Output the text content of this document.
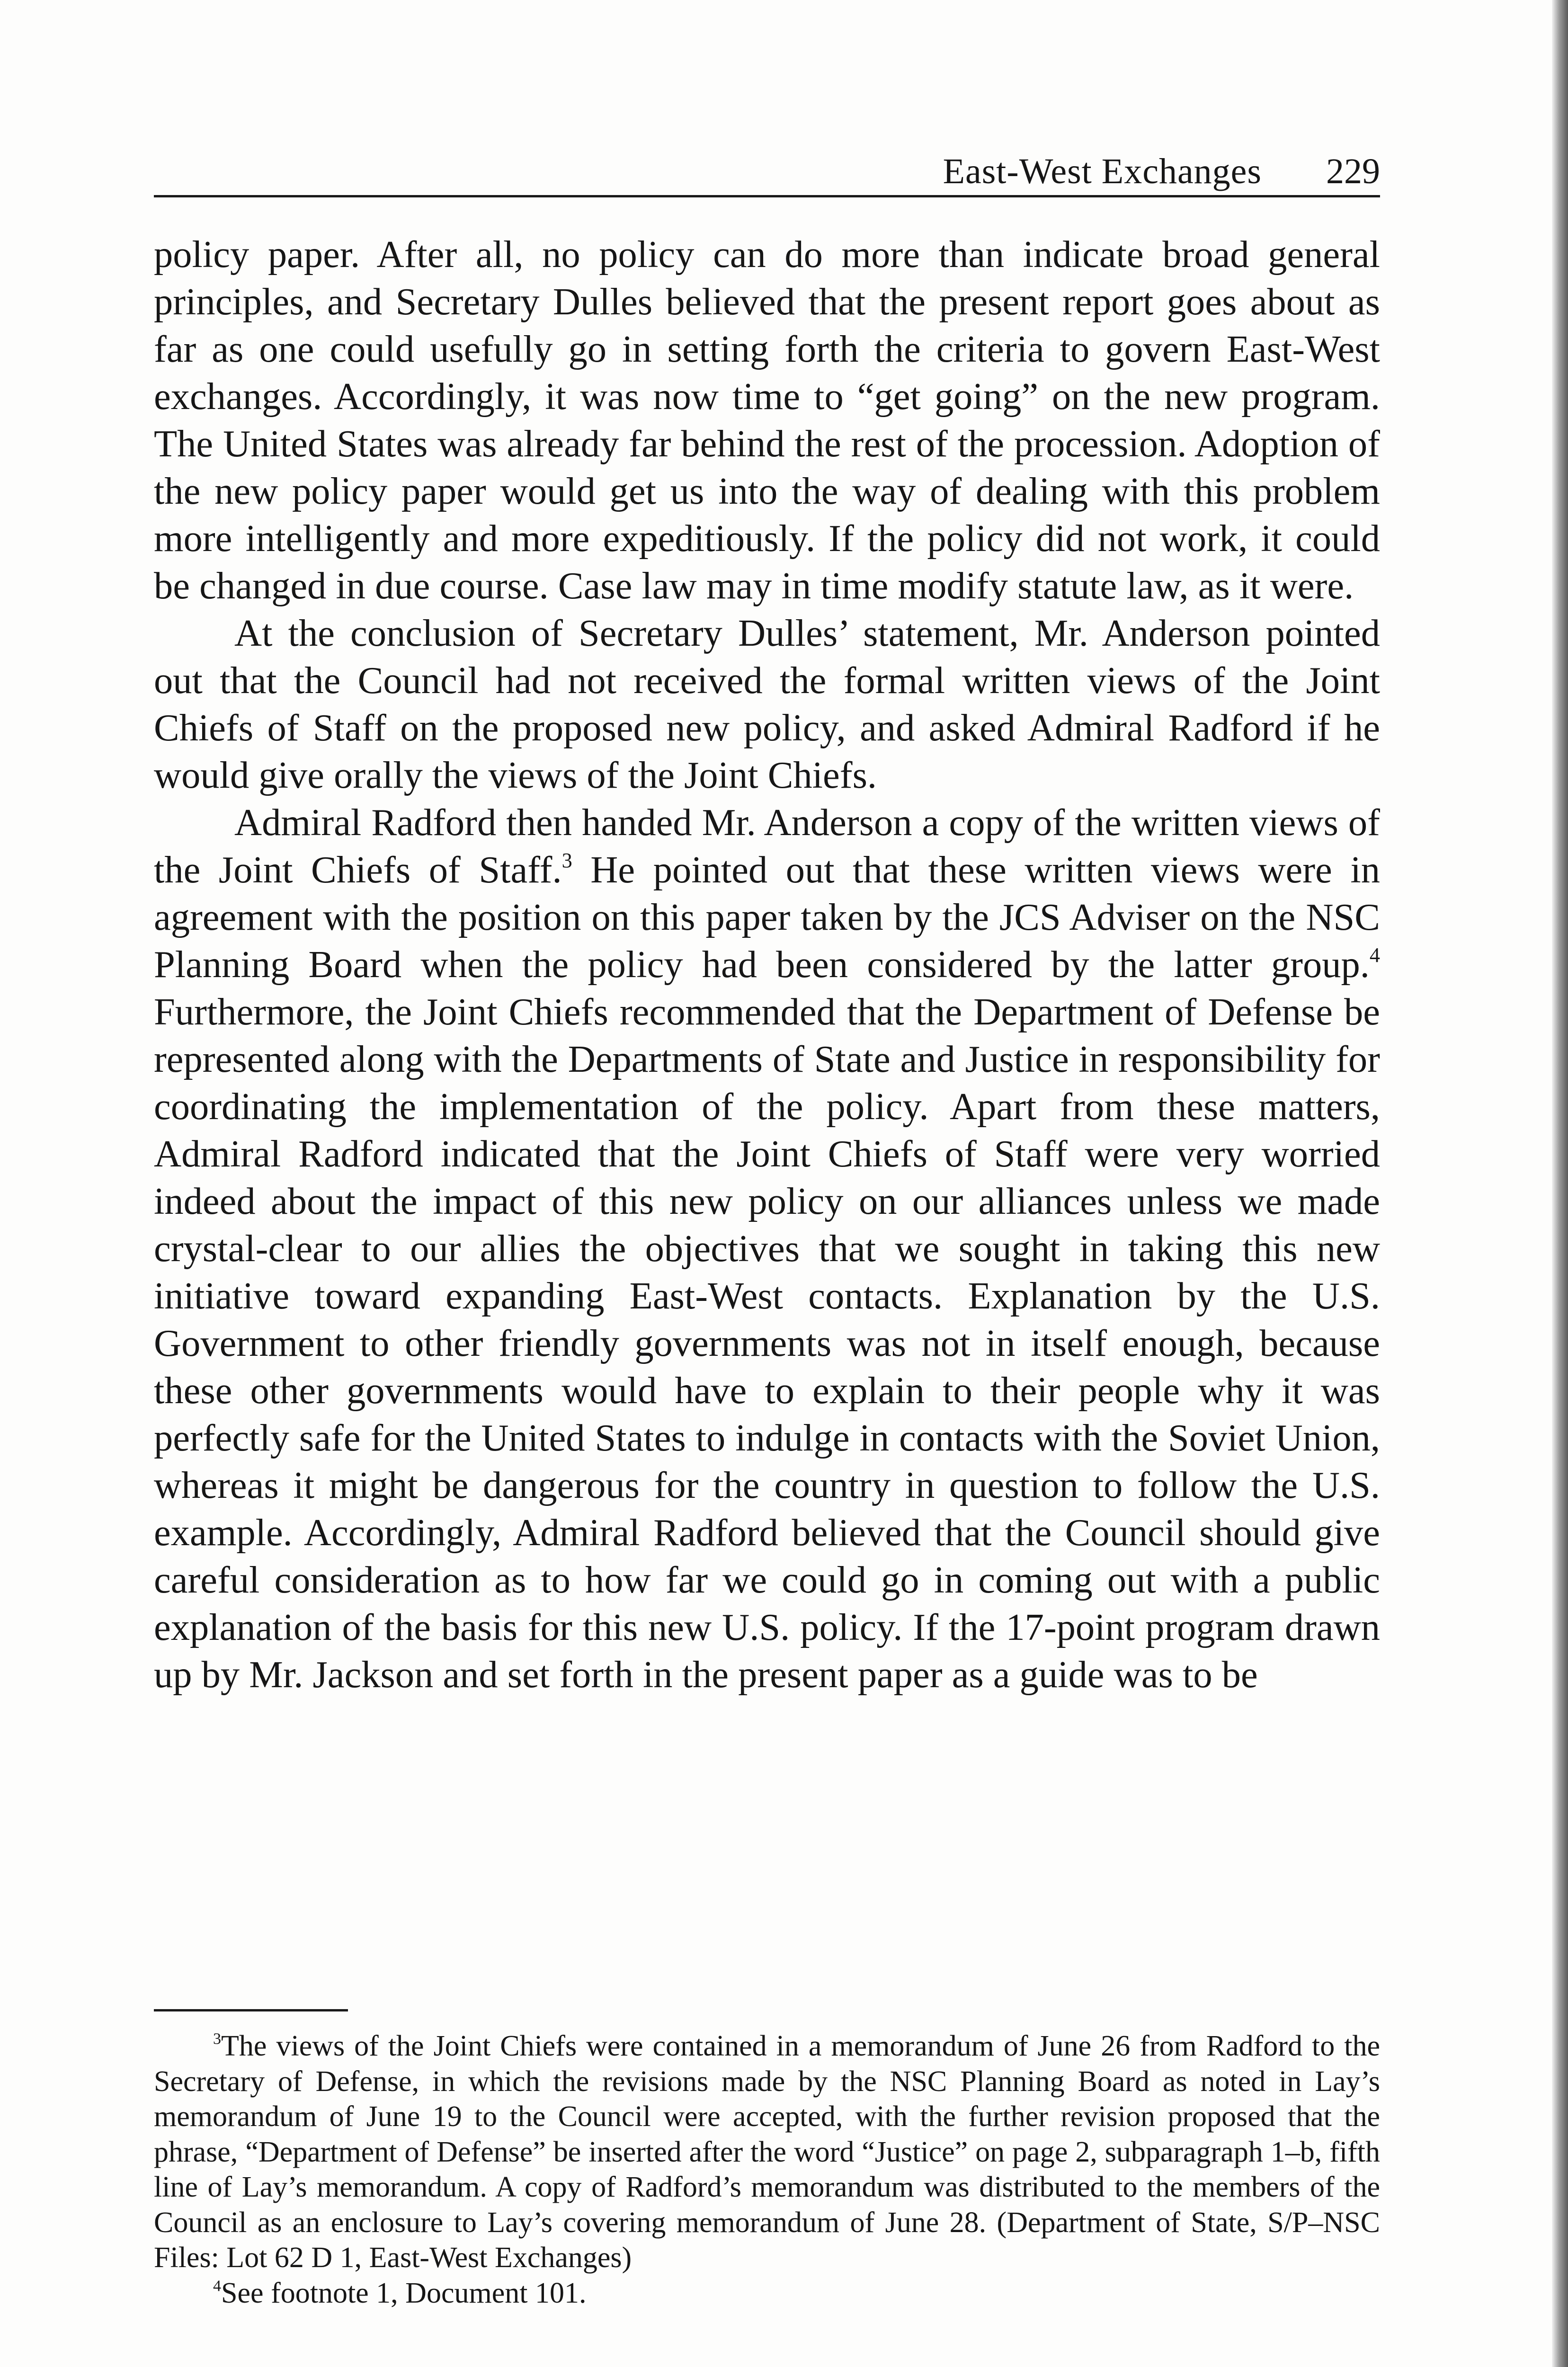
East-West Exchanges 229

policy paper. After all, no policy can do more than indicate broad general principles, and Secretary Dulles believed that the present report goes about as far as one could usefully go in setting forth the criteria to govern East-West exchanges. Accordingly, it was now time to “get going” on the new program. The United States was already far behind the rest of the procession. Adoption of the new policy paper would get us into the way of dealing with this problem more intelligently and more expeditiously. If the policy did not work, it could be changed in due course. Case law may in time modify statute law, as it were.

At the conclusion of Secretary Dulles’ statement, Mr. Anderson pointed out that the Council had not received the formal written views of the Joint Chiefs of Staff on the proposed new policy, and asked Admiral Radford if he would give orally the views of the Joint Chiefs.

Admiral Radford then handed Mr. Anderson a copy of the written views of the Joint Chiefs of Staff.$^3$ He pointed out that these written views were in agreement with the position on this paper taken by the JCS Adviser on the NSC Planning Board when the policy had been considered by the latter group.$^4$ Furthermore, the Joint Chiefs recommended that the Department of Defense be represented along with the Departments of State and Justice in responsibility for coordinating the implementation of the policy. Apart from these matters, Admiral Radford indicated that the Joint Chiefs of Staff were very worried indeed about the impact of this new policy on our alliances unless we made crystal-clear to our allies the objectives that we sought in taking this new initiative toward expanding East-West contacts. Explanation by the U.S. Government to other friendly governments was not in itself enough, because these other governments would have to explain to their people why it was perfectly safe for the United States to indulge in contacts with the Soviet Union, whereas it might be dangerous for the country in question to follow the U.S. example. Accordingly, Admiral Radford believed that the Council should give careful consideration as to how far we could go in coming out with a public explanation of the basis for this new U.S. policy. If the 17-point program drawn up by Mr. Jackson and set forth in the present paper as a guide was to be

$^3$The views of the Joint Chiefs were contained in a memorandum of June 26 from Radford to the Secretary of Defense, in which the revisions made by the NSC Planning Board as noted in Lay’s memorandum of June 19 to the Council were accepted, with the further revision proposed that the phrase, “Department of Defense” be inserted after the word “Justice” on page 2, subparagraph 1–b, fifth line of Lay’s memorandum. A copy of Radford’s memorandum was distributed to the members of the Council as an enclosure to Lay’s covering memorandum of June 28. (Department of State, S/P–NSC Files: Lot 62 D 1, East-West Exchanges)

$^4$See footnote 1, Document 101.
